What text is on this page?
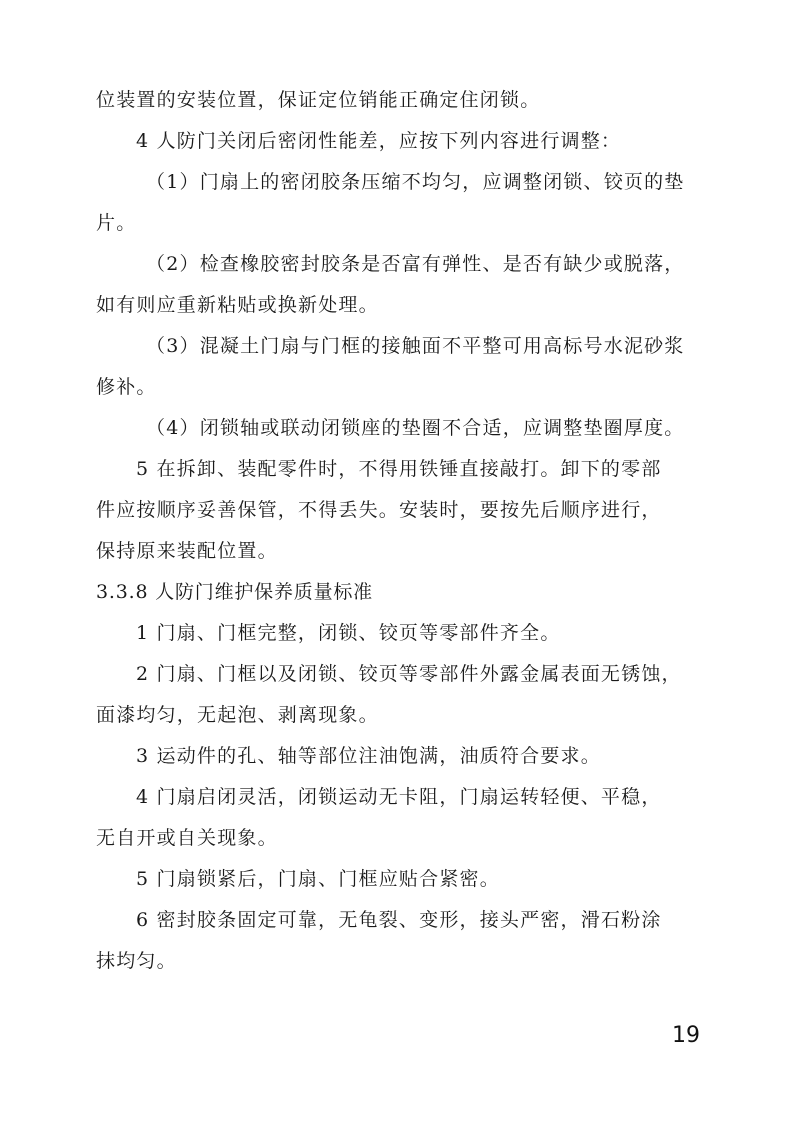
位装置的安装位置，保证定位销能正确定住闭锁。
4 人防门关闭后密闭性能差，应按下列内容进行调整：
（1）门扇上的密闭胶条压缩不均匀，应调整闭锁、铰页的垫
片。
（2）检查橡胶密封胶条是否富有弹性、是否有缺少或脱落，
如有则应重新粘贴或换新处理。
（3）混凝土门扇与门框的接触面不平整可用高标号水泥砂浆
修补。
（4）闭锁轴或联动闭锁座的垫圈不合适，应调整垫圈厚度。
5 在拆卸、装配零件时，不得用铁锤直接敲打。卸下的零部
件应按顺序妥善保管，不得丢失。安装时，要按先后顺序进行，
保持原来装配位置。
3.3.8 人防门维护保养质量标准
1 门扇、门框完整，闭锁、铰页等零部件齐全。
2 门扇、门框以及闭锁、铰页等零部件外露金属表面无锈蚀，
面漆均匀，无起泡、剥离现象。
3 运动件的孔、轴等部位注油饱满，油质符合要求。
4 门扇启闭灵活，闭锁运动无卡阻，门扇运转轻便、平稳，
无自开或自关现象。
5 门扇锁紧后，门扇、门框应贴合紧密。
6 密封胶条固定可靠，无龟裂、变形，接头严密，滑石粉涂
抹均匀。
19
